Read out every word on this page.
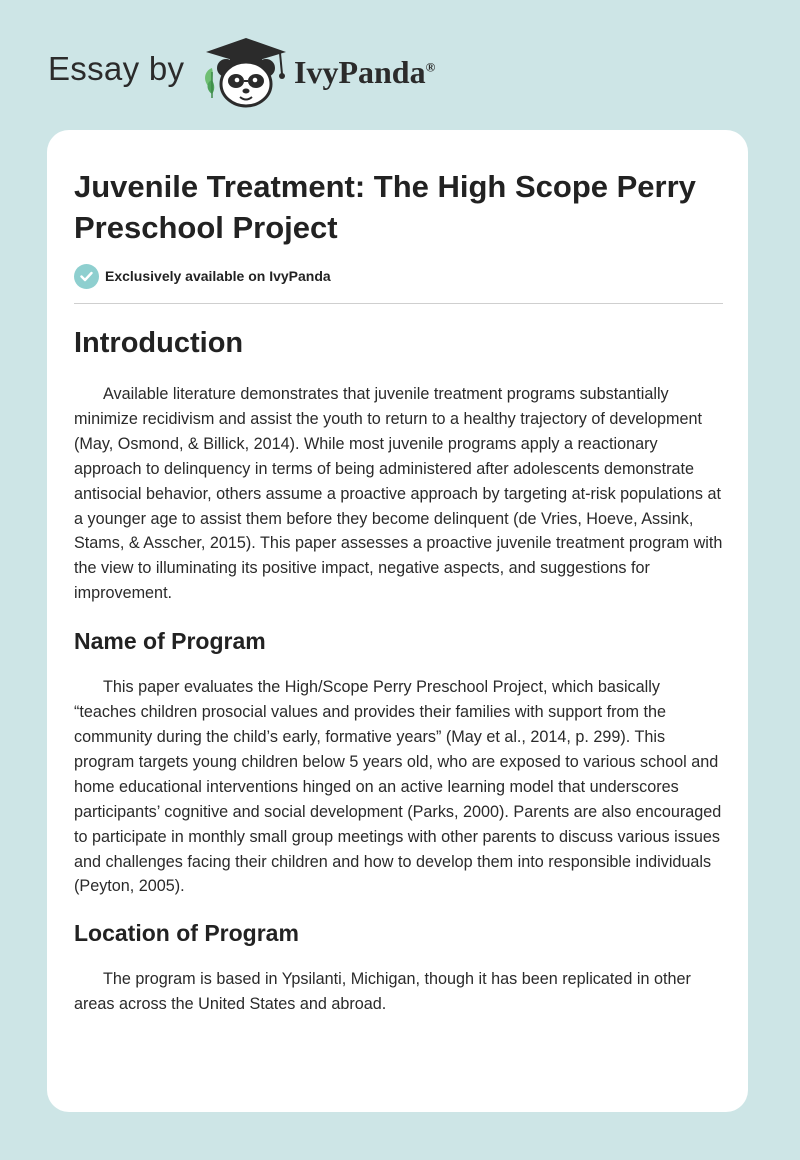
Essay by	IvyPanda®
Juvenile Treatment: The High Scope Perry Preschool Project
Exclusively available on IvyPanda
Introduction

Available literature demonstrates that juvenile treatment programs substantially minimize recidivism and assist the youth to return to a healthy trajectory of development (May, Osmond, & Billick, 2014). While most juvenile programs apply a reactionary approach to delinquency in terms of being administered after adolescents demonstrate antisocial behavior, others assume a proactive approach by targeting at-risk populations at a younger age to assist them before they become delinquent (de Vries, Hoeve, Assink, Stams, & Asscher, 2015). This paper assesses a proactive juvenile treatment program with the view to illuminating its positive impact, negative aspects, and suggestions for improvement.

Name of Program

This paper evaluates the High/Scope Perry Preschool Project, which basically “teaches children prosocial values and provides their families with support from the community during the child’s early, formative years” (May et al., 2014, p. 299). This program targets young children below 5 years old, who are exposed to various school and home educational interventions hinged on an active learning model that underscores participants’ cognitive and social development (Parks, 2000). Parents are also encouraged to participate in monthly small group meetings with other parents to discuss various issues and challenges facing their children and how to develop them into responsible individuals (Peyton, 2005).

Location of Program

The program is based in Ypsilanti, Michigan, though it has been replicated in other areas across the United States and abroad.
